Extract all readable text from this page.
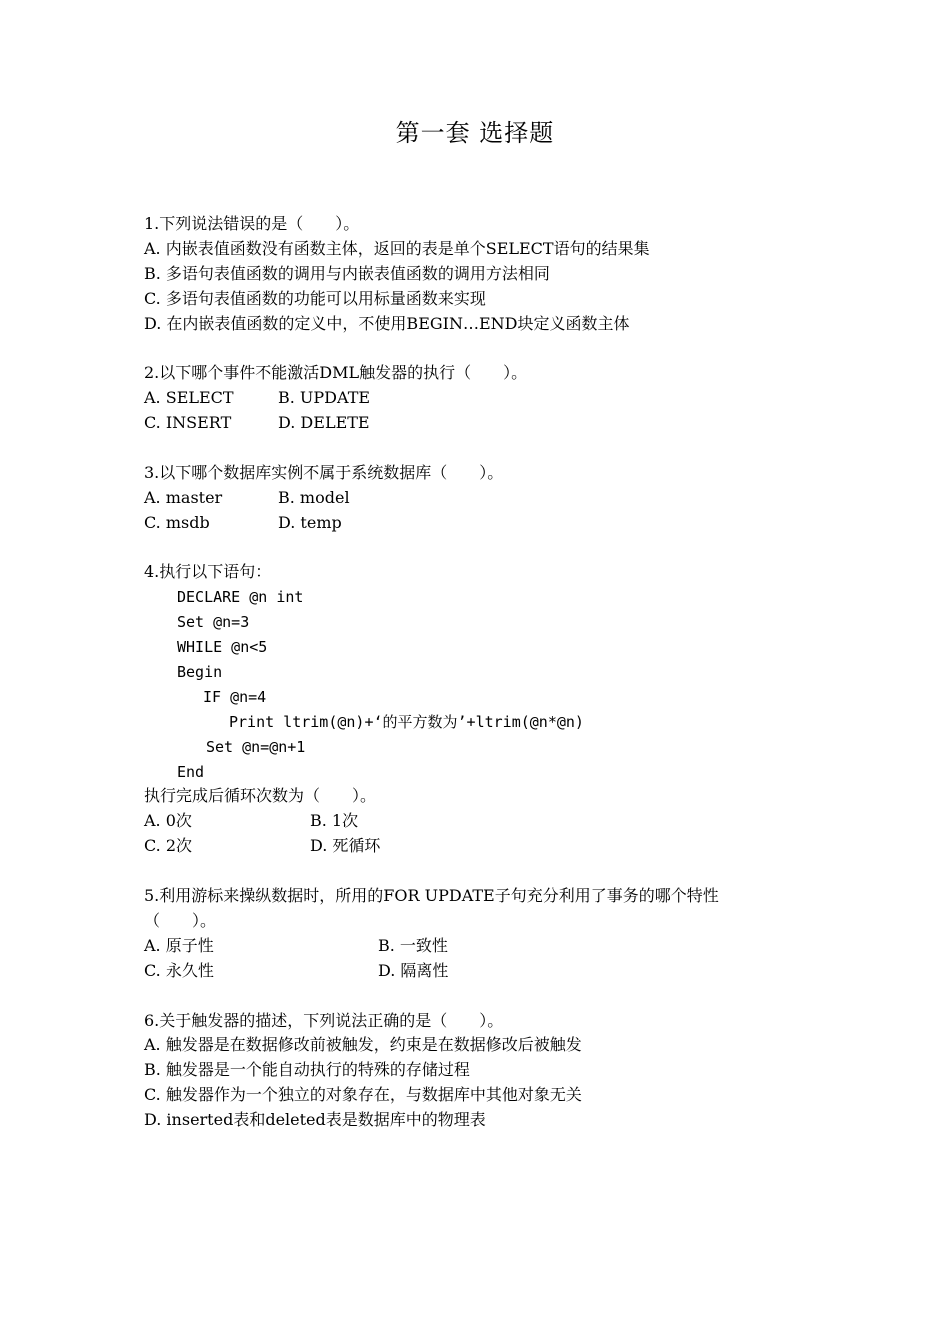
第一套 选择题
1.下列说法错误的是（　　）。
A. 内嵌表值函数没有函数主体，返回的表是单个SELECT语句的结果集
B. 多语句表值函数的调用与内嵌表值函数的调用方法相同
C. 多语句表值函数的功能可以用标量函数来实现
D. 在内嵌表值函数的定义中，不使用BEGIN…END块定义函数主体
2.以下哪个事件不能激活DML触发器的执行（　　）。
A. SELECT	B. UPDATE
C. INSERT	D. DELETE
3.以下哪个数据库实例不属于系统数据库（　　）。
A. master	B. model
C. msdb	D. temp
4.执行以下语句：
DECLARE @n int
Set @n=3
WHILE @n<5
Begin
IF @n=4
Print ltrim(@n)+‘的平方数为’+ltrim(@n*@n)
Set @n=@n+1
End
执行完成后循环次数为（　　）。
A. 0次	B. 1次
C. 2次	D. 死循环
5.利用游标来操纵数据时，所用的FOR UPDATE子句充分利用了事务的哪个特性
（　　）。
A. 原子性	B. 一致性
C. 永久性	D. 隔离性
6.关于触发器的描述，下列说法正确的是（　　）。
A. 触发器是在数据修改前被触发，约束是在数据修改后被触发
B. 触发器是一个能自动执行的特殊的存储过程
C. 触发器作为一个独立的对象存在，与数据库中其他对象无关
D. inserted表和deleted表是数据库中的物理表
